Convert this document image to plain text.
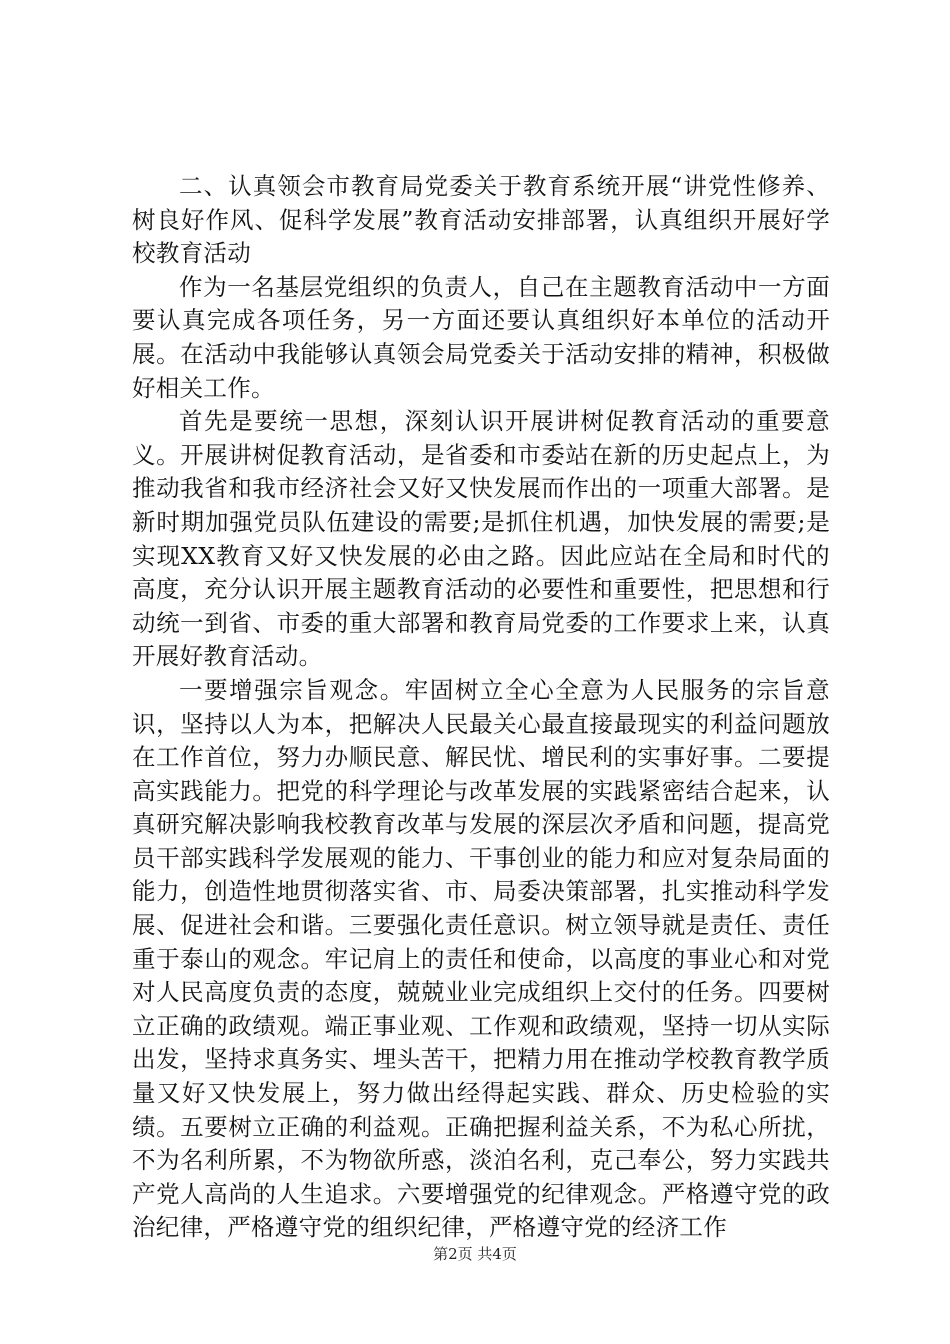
二、认真领会市教育局党委关于教育系统开展“讲党性修养、树良好作风、促科学发展”教育活动安排部署，认真组织开展好学校教育活动

作为一名基层党组织的负责人，自己在主题教育活动中一方面要认真完成各项任务，另一方面还要认真组织好本单位的活动开展。在活动中我能够认真领会局党委关于活动安排的精神，积极做好相关工作。

首先是要统一思想，深刻认识开展讲树促教育活动的重要意义。开展讲树促教育活动，是省委和市委站在新的历史起点上，为推动我省和我市经济社会又好又快发展而作出的一项重大部署。是新时期加强党员队伍建设的需要;是抓住机遇，加快发展的需要;是实现XX教育又好又快发展的必由之路。因此应站在全局和时代的高度，充分认识开展主题教育活动的必要性和重要性，把思想和行动统一到省、市委的重大部署和教育局党委的工作要求上来，认真开展好教育活动。

一要增强宗旨观念。牢固树立全心全意为人民服务的宗旨意识，坚持以人为本，把解决人民最关心最直接最现实的利益问题放在工作首位，努力办顺民意、解民忧、增民利的实事好事。二要提高实践能力。把党的科学理论与改革发展的实践紧密结合起来，认真研究解决影响我校教育改革与发展的深层次矛盾和问题，提高党员干部实践科学发展观的能力、干事创业的能力和应对复杂局面的能力，创造性地贯彻落实省、市、局委决策部署，扎实推动科学发展、促进社会和谐。三要强化责任意识。树立领导就是责任、责任重于泰山的观念。牢记肩上的责任和使命，以高度的事业心和对党对人民高度负责的态度，兢兢业业完成组织上交付的任务。四要树立正确的政绩观。端正事业观、工作观和政绩观，坚持一切从实际出发，坚持求真务实、埋头苦干，把精力用在推动学校教育教学质量又好又快发展上，努力做出经得起实践、群众、历史检验的实绩。五要树立正确的利益观。正确把握利益关系，不为私心所扰，不为名利所累，不为物欲所惑，淡泊名利，克己奉公，努力实践共产党人高尚的人生追求。六要增强党的纪律观念。严格遵守党的政治纪律，严格遵守党的组织纪律，严格遵守党的经济工作

第2页 共4页
